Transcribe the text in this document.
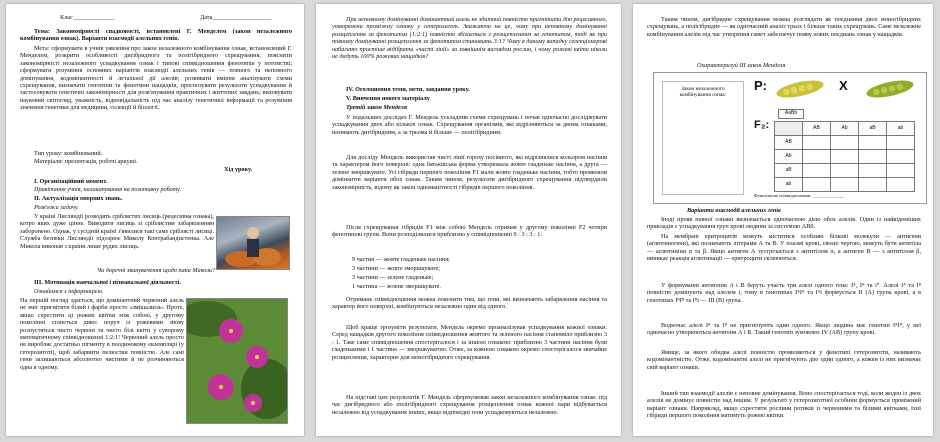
Клас _____________	Дата___________________

Тема: Закономірності спадковості, встановлені Г. Менделем (закон незалежного комбінування ознак). Варіанти взаємодії алельних генів.

Мета: сформувати в учнів уявлення про закон незалежного комбінування ознак, встановлений Г. Менделем, розкрити особливості дигібридного та полігібридного схрещування, пояснити закономірності незалежного успадкування ознак і типові співвідношення фенотипів у потомстві; сформувати розуміння основних варіантів взаємодії алельних генів — повного та неповного домінування, кодомінантності й летальної дії алелів; розвивати вміння аналізувати схеми схрещування, визначати генотипи та фенотипи нащадків, прогнозувати результати успадкування й застосовувати генетичні закономірності для розв'язування практичних і життєвих завдань; виховувати науковий світогляд, уважність, відповідальність під час аналізу генетичної інформації та розуміння значення генетики для медицини, селекції й біології.

Тип уроку: комбінований.

Матеріали: презентація, робочі аркуші.

Хід уроку.

I. Організаційний момент.

Привітання учнів, налаштування на позитивну роботу.

II. Актуалізація опорних знань.

Розв'яжи задачу.

У країні Лисляндії розводять сріблястих лисиць (рецесивна ознака), котро яких дуже цінне. Виводити лисиць зі сріблистим забарвленням заборонено. Однак, у сусідній країні з'явилися такі саме сріблясті лисиці. Служба безпеки Лисляндії підозрює Миколу Контрабандистенка. Але Микола виконав з країни лише рудих лисиць.

Чи доречні звинувачення щодо пана Миколи?

III. Мотивація навчальної і пізнавальної діяльності.

Ознайомся з інформацією.

На першій погляд здається, що домінантний червоний алель не зміг пригнітити білий і фарби просто «змішалися». Проте, якщо схрестити ці рожеві квітки між собою, у другому поколінні станеться диво: поруч із рожевими знову розпустяться чисто червоні та чисто білі квіти у суворому математичному співвідношенні 1:2:1! Червоний алель просто не виробляє достатньо пігменту в поодинокому екземплярі (у гетерозиготі), щоб забарвити пелюстки повністю. Але самі гени залишаються абсолютно чистими й не розчиняються одна в одному.

При неповному домінуванні домінантний алель не здатний повністю пригнітити дію рецесивного, утворюючи проміжну ознаку у гетерозигот. Зважаючи на це, чому при неповному домінуванні розщеплення за фенотипом (1:2:1) повністю збігається з розщепленням за генотипом, тоді як при повному домінуванні розщеплення за фенотипом становить 3:1? Чому в даному випадку селекціонерові набагато простіше відібрати «чисті лінії» за зовнішнім виглядом рослин, і чому рожеві квіти ніколи не дадуть 100% рожевих нащадків?

IV. Оголошення теми, мети, завдання уроку.

V. Вивчення нового матеріалу

Третій закон Менделя

У подальших дослідах Г. Мендель ускладнив схеми схрещувань і почав одночасно досліджувати успадкування двох або кількох ознак. Схрещування організмів, які відрізняються за двома ознаками, називають дигібридним, а за трьома й більше — полігібридним.

Для досліду Мендель використав чисті лінії гороху посівного, які відрізнялися кольором насіння та характером його поверхні: одна батьківська форма утворювала жовте гладеньке насіння, а друга — зелене зморшкувате. Усі гібриди першого покоління F1 мали жовте гладеньке насіння, тобто проявляли домінантні варіанти обох ознак. Таким чином, результати дигібридного схрещування підтвердили закономірність, відому як закон одноманітності гібридів першого покоління.

Після схрещування гібридів F1 між собою Мендель отримав у другому поколінні F2 чотири фенотипові групи. Вони розподілилися приблизно у співвідношенні 9 : 3 : 3 : 1:

9 частин — жовте гладеньке насіння;

3 частини — жовте зморшкувате;

3 частини — зелене гладеньке;

1 частина — зелене зморшкувате.

Отримане співвідношення можна пояснити тим, що гени, які визначають забарвлення насіння та характер його поверхні, комбінуються незалежно один від одного.

Щоб краще зрозуміти результати, Мендель окремо проаналізував успадкування кожної ознаки. Серед нащадків другого покоління співвідношення жовтого та зеленого насіння становило приблизно 3 : 1. Таке саме співвідношення спостерігалося і за іншою ознакою: приблизно 3 частини насіння були гладенькими і 1 частина — зморшкуватою. Отже, за кожною ознакою окремо спостерігалося звичайне розщеплення, характерне для моногібридного схрещування.

На підставі цих результатів Г. Мендель сформулював закон незалежного комбінування ознак: під час дигібридного або полігібридного схрещування розщеплення ознак кожної пари відбувається незалежно від успадкування інших, якщо відповідні гени успадковуються незалежно.

Таким чином, дигібридне схрещування можна розглядати як поєднання двох моногібридних схрещувань, а полігібридне — як одночасний аналіз трьох і більше таких схрещувань. Саме незалежне комбінування алелів під час утворення гамет забезпечує появу нових поєднань ознак у нащадків.

Охарактеризуй ІІІ закон Менделя.

Закон незалежного комбінування ознак:

P:	X
AaBb
F₂:	AB	Ab	aB	ab
AB
Ab
aB
ab

Фенотипове співвідношення: ______________

Варіанти взаємодії алельних генів

Іноді прояв певної ознаки визначається одночасною дією обох алелів. Один із найвідоміших прикладів є успадкування груп крові людини за системою АВ0.

На мембрані еритроцитів можуть міститися особливі білкові молекули — антигени (аглютиногени), які позначають літерами А та В. У плазмі крові, своєю чергою, можуть бути антитіла — аглютиніни α та β. Якщо антиген А зустрічається з антитілом α, а антиген В — з антитілом β, виникає реакція аглютинації — еритроцити склеюються.

У формуванні антигенів A і B беруть участь три алелі одного гена: Iᴬ, Iᴮ та i⁰. Алелі Iᴬ та Iᴮ повністю домінують над алелем i, тому в генотипах IᴬIᴬ та Iᴬi формується II (А) група крові, а в генотипах IᴮIᴮ та Iᴮi — III (В) група.

Водночас алелі Iᴬ та Iᴮ не пригнічують один одного. Якщо людина має генотип IᴬIᴮ, у неї одночасно утворюються антигени А і В. Такий генотип зумовлює IV (AB) групу крові.

Явище, за якого обидва алелі повністю проявляються у фенотипі гетерозиготи, називають кодомінантністю. Отже, кодомінантні алелі не пригнічують дію один одного, а кожен із них визначає свій варіант ознаки.

Інший тип взаємодії алелів є неповне домінування. Воно спостерігається тоді, коли жоден із двох алелів не домінує повністю над іншим. У результаті у гетерозиготної особини формується проміжний варіант ознаки. Наприклад, якщо схрестити рослини ротиків із червоними та білими квітками, їхні гібриди першого покоління матимуть рожеві квітки.
